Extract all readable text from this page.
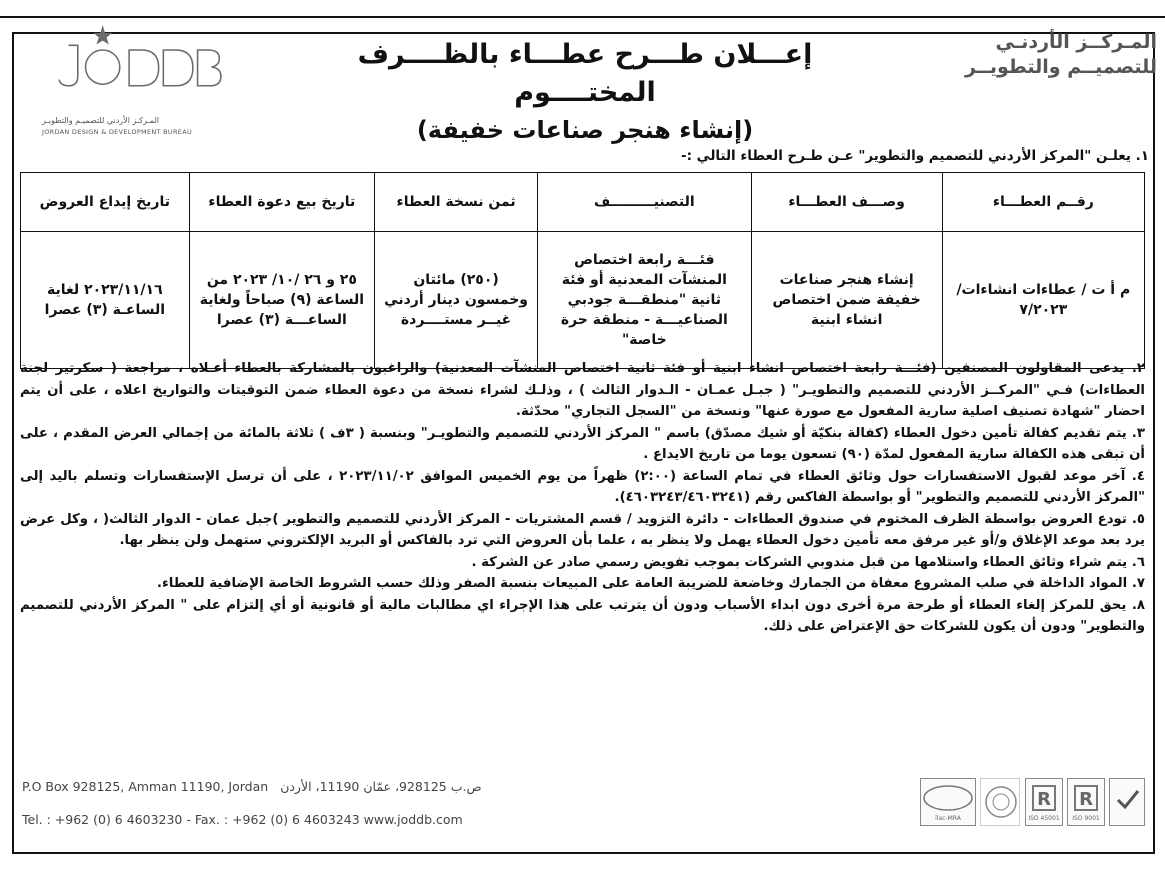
المـركـز الأردني للتصميـم والتطويـر
JORDAN DESIGN & DEVELOPMENT BUREAU
المـركــز الأردنـي
للتصميــم والتطويــر
إعـــلان طـــرح عطـــاء بالظــــرف المختــــوم
(إنشاء هنجر صناعات خفيفة)
١. يعلـن "المركز الأردني للتصميم والتطوير" عـن طـرح العطاء التالي :-
رقــم العطـــاء	وصـــف العطـــاء	التصنيـــــــــف	ثمن نسخة العطاء	تاريخ بيع دعوة العطاء	تاريخ إيداع العروض
م أ ت / عطاءات انشاءات/٧/٢٠٢٣	إنشاء هنجر صناعات خفيفة ضمن اختصاص انشاء ابنية	فئـــة رابعة اختصاص المنشآت المعدنية أو فئة ثانية "منطقـــة جودبي الصناعيـــة - منطقة حرة خاصة"	(٢٥٠) مائتان وخمسون دينار أردني غيــر مستــــردة	٢٥ و ٢٦ /١٠/ ٢٠٢٣ من الساعة (٩) صباحاً ولغاية الساعـــة (٣) عصرا	٢٠٢٣/١١/١٦ لغاية الساعـة (٣) عصرا

٢. يدعى المقاولون المصنفين (فئـــة رابعة اختصاص انشاء ابنية أو فئة ثانية اختصاص المنشآت المعدنية) والراغبون بالمشاركة بالعطاء أعـلاه ، مراجعة ( سكرتير لجنة العطاءات) فـي "المركــز الأردني للتصميم والتطويـر" ( جبـل عمـان - الـدوار الثالث ) ، وذلـك لشراء نسخة من دعوة العطاء ضمن التوقيتات والتواريخ اعلاه ، على أن يتم احضار "شهادة تصنيف اصلية سارية المفعول مع صورة عنها" ونسخة من "السجل التجاري" محدّثة.

٣. يتم تقديم كفالة تأمين دخول العطاء (كفالة بنكيّة أو شيك مصدّق) باسم " المركز الأردني للتصميم والتطويـر" وبنسبة ( ٣ف ) ثلاثة بالمائة من إجمالي العرض المقدم ، على أن تبقى هذه الكفالة سارية المفعول لمدّة (٩٠) تسعون يوما من تاريخ الايداع .

٤. آخر موعد لقبول الاستفسارات حول وثائق العطاء في تمام الساعة (٢:٠٠) ظهراً من يوم الخميس الموافق ٢٠٢٣/١١/٠٢ ، على أن ترسل الإستفسارات وتسلم باليد إلى "المركز الأردني للتصميم والتطوير" أو بواسطة الفاكس رقم (٤٦٠٣٢٤٣/٤٦٠٣٢٤١).

٥. تودع العروض بواسطة الظرف المختوم في صندوق العطاءات - دائرة التزويد / قسم المشتريات - المركز الأردني للتصميم والتطوير )جبل عمان - الدوار الثالث( ، وكل عرض يرد بعد موعد الإغلاق و/أو غير مرفق معه تأمين دخول العطاء يهمل ولا ينظر به ، علما بأن العروض التي ترد بالفاكس أو البريد الإلكتروني ستهمل ولن ينظر بها.

٦. يتم شراء وثائق العطاء واستلامها من قبل مندوبي الشركات بموجب تفويض رسمي صادر عن الشركة .

٧. المواد الداخلة في صلب المشروع معفاة من الجمارك وخاضعة للضريبة العامة على المبيعات بنسبة الصفر وذلك حسب الشروط الخاصة الإضافية للعطاء.

٨. يحق للمركز إلغاء العطاء أو طرحة مرة أخرى دون ابداء الأسباب ودون أن يترتب على هذا الإجراء اي مطالبات مالية أو قانونية أو أي إلتزام على " المركز الأردني للتصميم والتطوير" ودون أن يكون للشركات حق الإعتراض على ذلك.

P.O Box 928125, Amman 11190, Jordan ص.ب 928125، عمّان 11190، الأردن
Tel. : +962 (0) 6 4603230 - Fax. : +962 (0) 6 4603243 www.joddb.com	ilac-MRA
R
ISO 45001
R
ISO 9001
